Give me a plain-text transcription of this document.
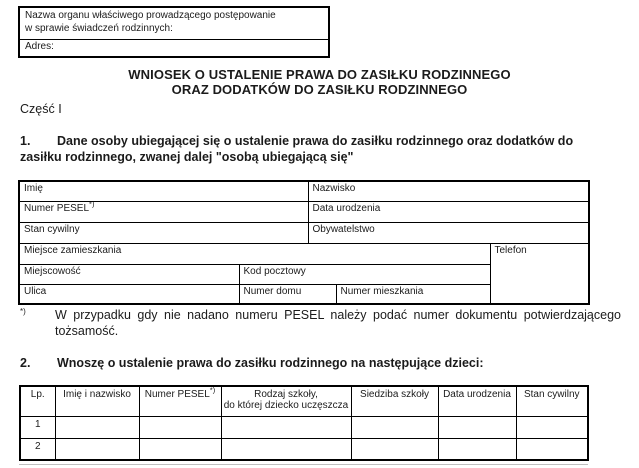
Nazwa organu właściwego prowadzącego postępowanie
w sprawie świadczeń rodzinnych:
Adres:
WNIOSEK O USTALENIE PRAWA DO ZASIŁKU RODZINNEGO
ORAZ DODATKÓW DO ZASIŁKU RODZINNEGO
Część I
1. Dane osoby ubiegającej się o ustalenie prawa do zasiłku rodzinnego oraz dodatków do
zasiłku rodzinnego, zwanej dalej "osobą ubiegającą się"
Imię		Nazwisko		
Numer PESEL*)		Data urodzenia		
Stan cywilny		Obywatelstwo		
Miejsce zamieszkania				Telefon
Miejscowość	Kod pocztowy			
Ulica	Numer domu		Numer mieszkania	
*) W przypadku gdy nie nadano numeru PESEL należy podać numer dokumentu potwierdzającego
tożsamość.
2. Wnoszę o ustalenie prawa do zasiłku rodzinnego na następujące dzieci:
Lp.	Imię i nazwisko	Numer PESEL*)	Rodzaj szkoły,
do której dziecko uczęszcza	Siedziba szkoły	Data urodzenia	Stan cywilny
1						
2						
